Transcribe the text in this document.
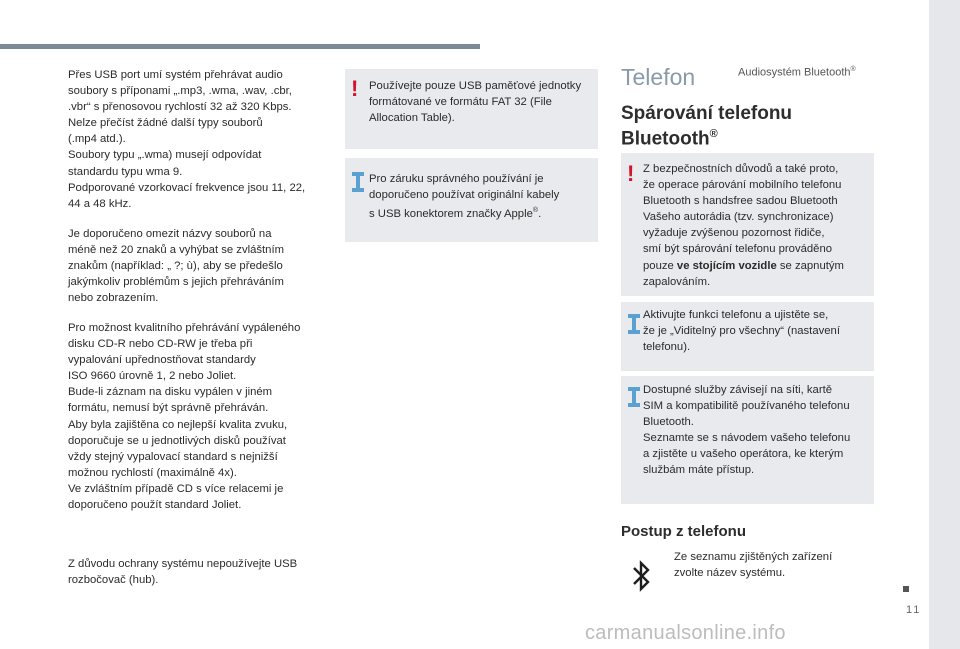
Audiosystém Bluetooth®

Přes USB port umí systém přehrávat audio

soubory s příponami „.mp3, .wma, .wav, .cbr,

.vbr“ s přenosovou rychlostí 32 až 320 Kbps.

Nelze přečíst žádné další typy souborů

(.mp4 atd.).

Soubory typu „.wma) musejí odpovídat

standardu typu wma 9.

Podporované vzorkovací frekvence jsou 11, 22,

44 a 48 kHz.

Je doporučeno omezit názvy souborů na

méně než 20 znaků a vyhýbat se zvláštním

znakům (například: „ ?; ù), aby se předešlo

jakýmkoliv problémům s jejich přehráváním

nebo zobrazením.

Pro možnost kvalitního přehrávání vypáleného

disku CD-R nebo CD-RW je třeba při

vypalování upřednostňovat standardy

ISO 9660 úrovně 1, 2 nebo Joliet.

Bude-li záznam na disku vypálen v jiném

formátu, nemusí být správně přehráván.

Aby byla zajištěna co nejlepší kvalita zvuku,

doporučuje se u jednotlivých disků používat

vždy stejný vypalovací standard s nejnižší

možnou rychlostí (maximálně 4x).

Ve zvláštním případě CD s více relacemi je

doporučeno použít standard Joliet.

Z důvodu ochrany systému nepoužívejte USB

rozbočovač (hub).

! Používejte pouze USB paměťové jednotky
formátované ve formátu FAT 32 (File
Allocation Table).
Pro záruku správného používání je
doporučeno používat originální kabely
s USB konektorem značky Apple®.
Telefon
Spárování telefonu Bluetooth®
! Z bezpečnostních důvodů a také proto,
že operace párování mobilního telefonu
Bluetooth s handsfree sadou Bluetooth
Vašeho autorádia (tzv. synchronizace)
vyžaduje zvýšenou pozornost řidiče,
smí být spárování telefonu prováděno
pouze ve stojícím vozidle se zapnutým
zapalováním.
Aktivujte funkci telefonu a ujistěte se,
že je „Viditelný pro všechny“ (nastavení
telefonu).
Dostupné služby závisejí na síti, kartě
SIM a kompatibilitě používaného telefonu
Bluetooth.
Seznamte se s návodem vašeho telefonu
a zjistěte u vašeho operátora, ke kterým
službám máte přístup.
Postup z telefonu
Ze seznamu zjištěných zařízení
zvolte název systému.
11
carmanualsonline.info
